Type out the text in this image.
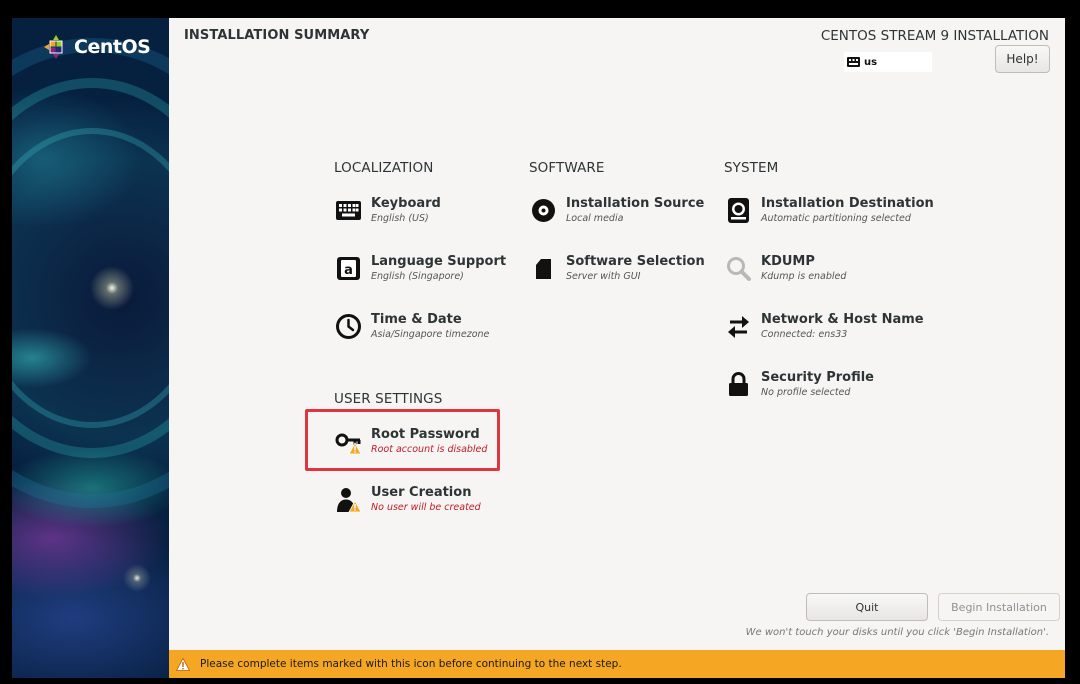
CentOS
INSTALLATION SUMMARY	CENTOS STREAM 9 INSTALLATION
us	Help!
LOCALIZATION	SOFTWARE	SYSTEM
USER SETTINGS
Keyboard
English (US)
a
Language Support
English (Singapore)
Time & Date
Asia/Singapore timezone
Installation Source
Local media
Software Selection
Server with GUI
Installation Destination
Automatic partitioning selected
KDUMP
Kdump is enabled
Network & Host Name
Connected: ens33
Security Profile
No profile selected
Root Password
Root account is disabled
User Creation
No user will be created
Quit	Begin Installation
We won't touch your disks until you click 'Begin Installation'.
Please complete items marked with this icon before continuing to the next step.
